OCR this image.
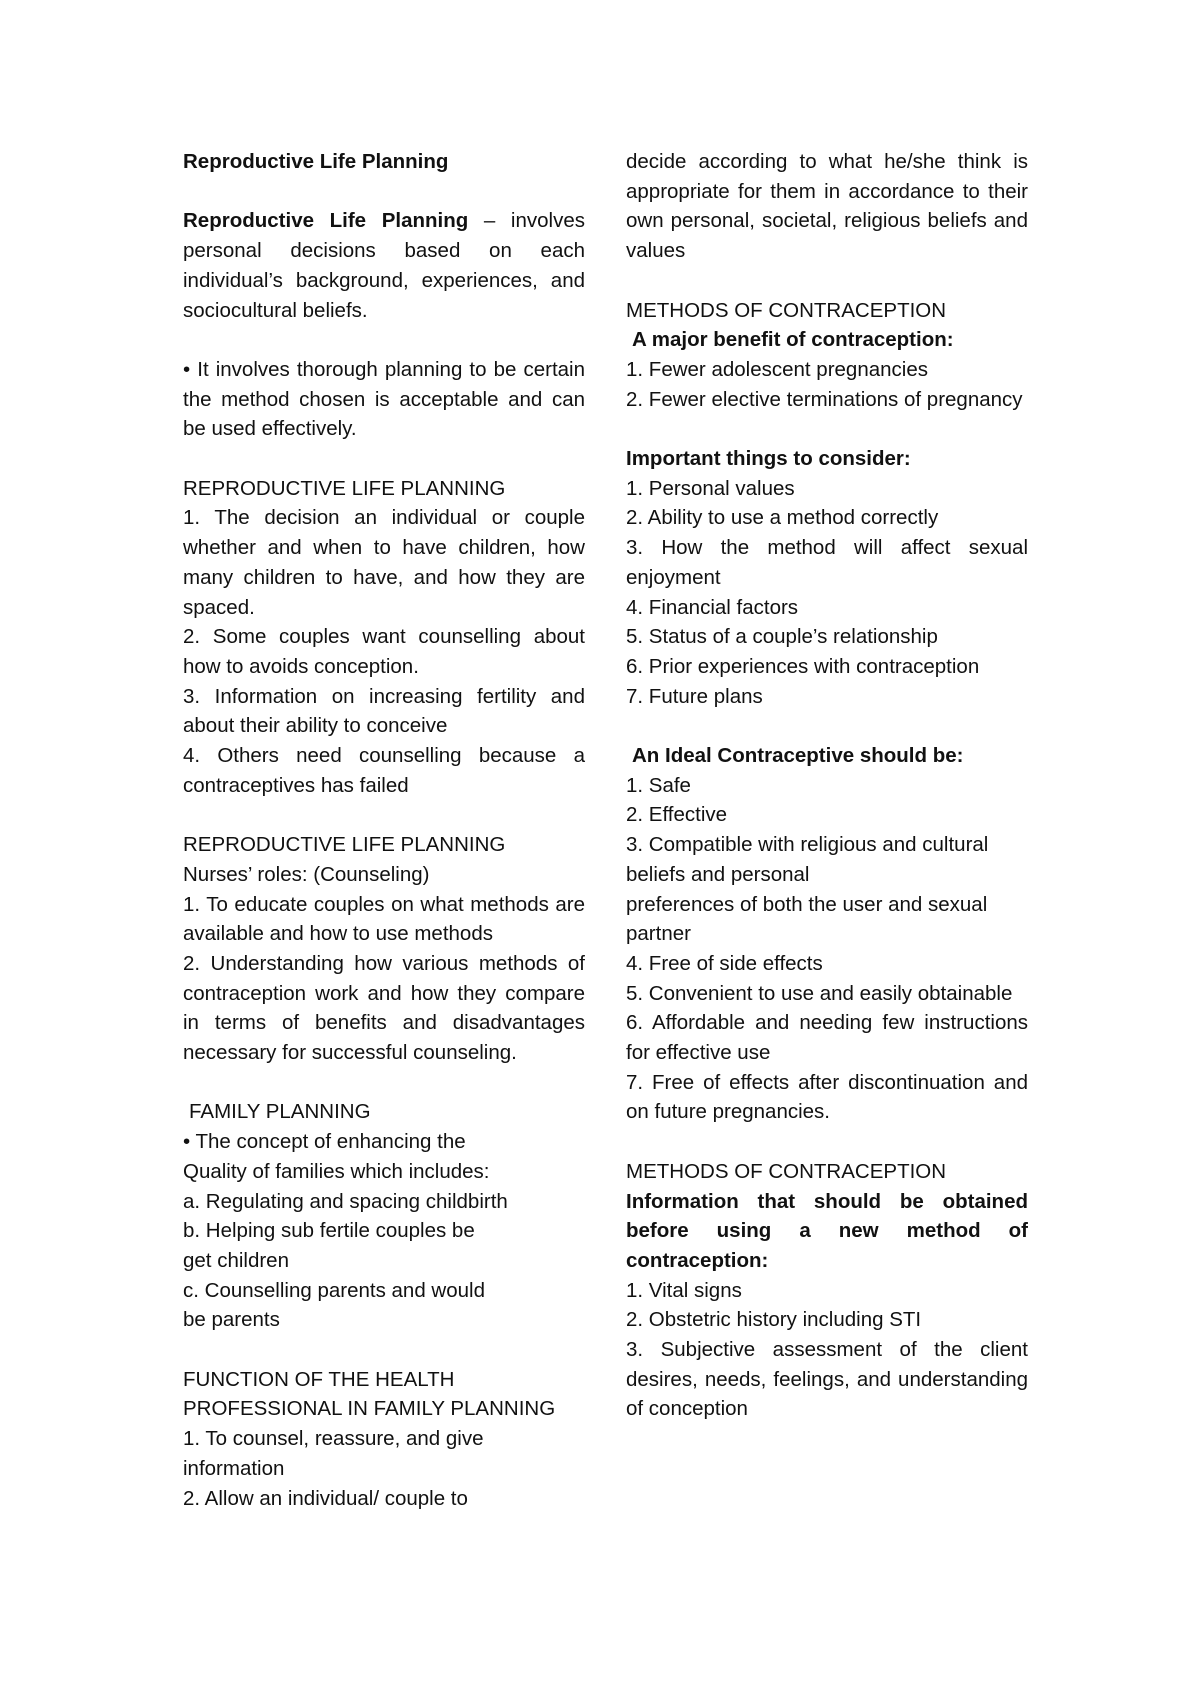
Reproductive Life Planning
Reproductive Life Planning – involves personal decisions based on each individual’s background, experiences, and sociocultural beliefs.
• It involves thorough planning to be certain the method chosen is acceptable and can be used effectively.
REPRODUCTIVE LIFE PLANNING
1. The decision an individual or couple whether and when to have children, how many children to have, and how they are spaced.
2. Some couples want counselling about how to avoids conception.
3. Information on increasing fertility and about their ability to conceive
4. Others need counselling because a contraceptives has failed
REPRODUCTIVE LIFE PLANNING
Nurses’ roles: (Counseling)
1. To educate couples on what methods are available and how to use methods
2. Understanding how various methods of contraception work and how they compare in terms of benefits and disadvantages necessary for successful counseling.
FAMILY PLANNING
• The concept of enhancing the
Quality of families which includes:
a. Regulating and spacing childbirth
b. Helping sub fertile couples be
get children
c. Counselling parents and would
be parents
FUNCTION OF THE HEALTH
PROFESSIONAL IN FAMILY PLANNING
1. To counsel, reassure, and give
information
2. Allow an individual/ couple to
decide according to what he/she think is appropriate for them in accordance to their own personal, societal, religious beliefs and values
METHODS OF CONTRACEPTION
A major benefit of contraception:
1. Fewer adolescent pregnancies
2. Fewer elective terminations of pregnancy
Important things to consider:
1. Personal values
2. Ability to use a method correctly
3. How the method will affect sexual enjoyment
4. Financial factors
5. Status of a couple’s relationship
6. Prior experiences with contraception
7. Future plans
An Ideal Contraceptive should be:
1. Safe
2. Effective
3. Compatible with religious and cultural beliefs and personal
preferences of both the user and sexual partner
4. Free of side effects
5. Convenient to use and easily obtainable
6. Affordable and needing few instructions for effective use
7. Free of effects after discontinuation and on future pregnancies.
METHODS OF CONTRACEPTION
Information that should be obtained before using a new method of contraception:
1. Vital signs
2. Obstetric history including STI
3. Subjective assessment of the client desires, needs, feelings, and understanding of conception
